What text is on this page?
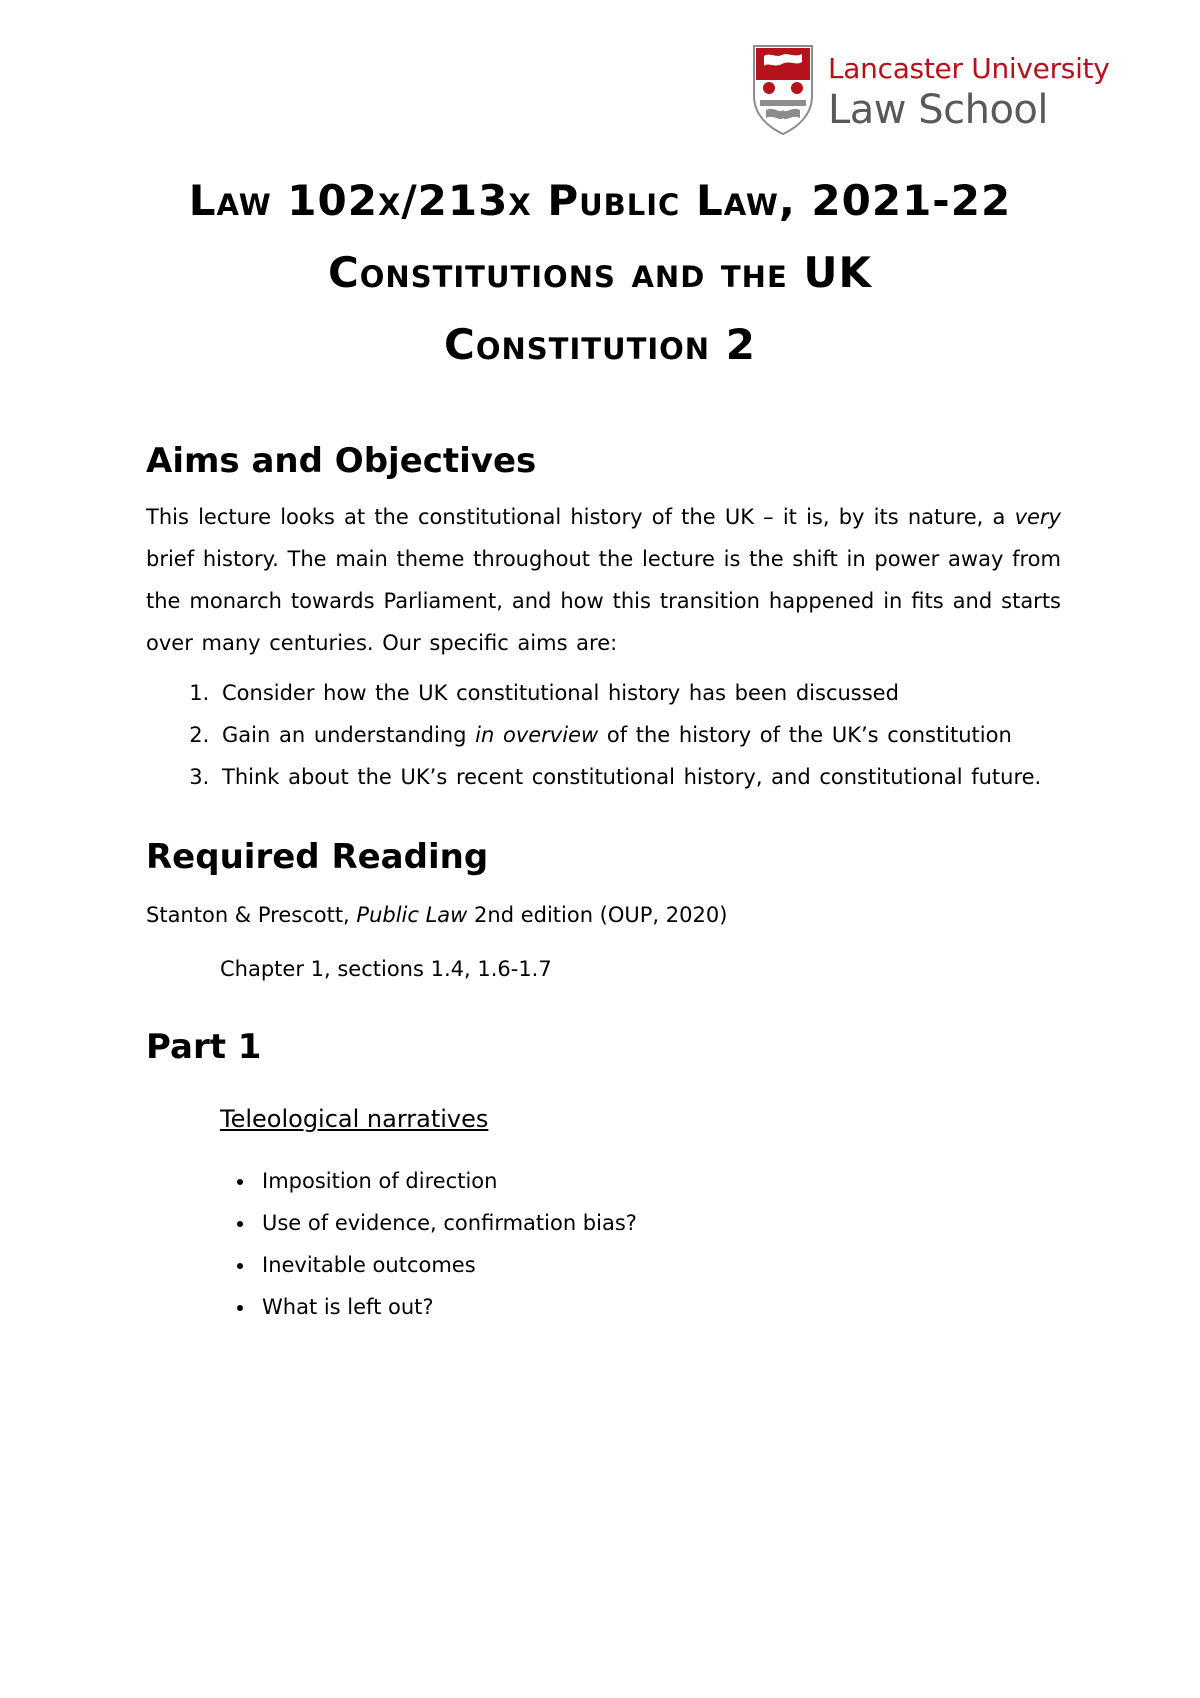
Lancaster University
Law School
Law 102x/213x Public Law, 2021-22
Constitutions and the UK
Constitution 2
Aims and Objectives

This lecture looks at the constitutional history of the UK – it is, by its nature, a very brief history. The main theme throughout the lecture is the shift in power away from the monarch towards Parliament, and how this transition happened in fits and starts over many centuries. Our specific aims are:

1. Consider how the UK constitutional history has been discussed
2. Gain an understanding in overview of the history of the UK’s constitution
3. Think about the UK’s recent constitutional history, and constitutional future.
Required Reading

Stanton & Prescott, Public Law 2nd edition (OUP, 2020)

Chapter 1, sections 1.4, 1.6-1.7

Part 1
Teleological narratives
• Imposition of direction
• Use of evidence, confirmation bias?
• Inevitable outcomes
• What is left out?
